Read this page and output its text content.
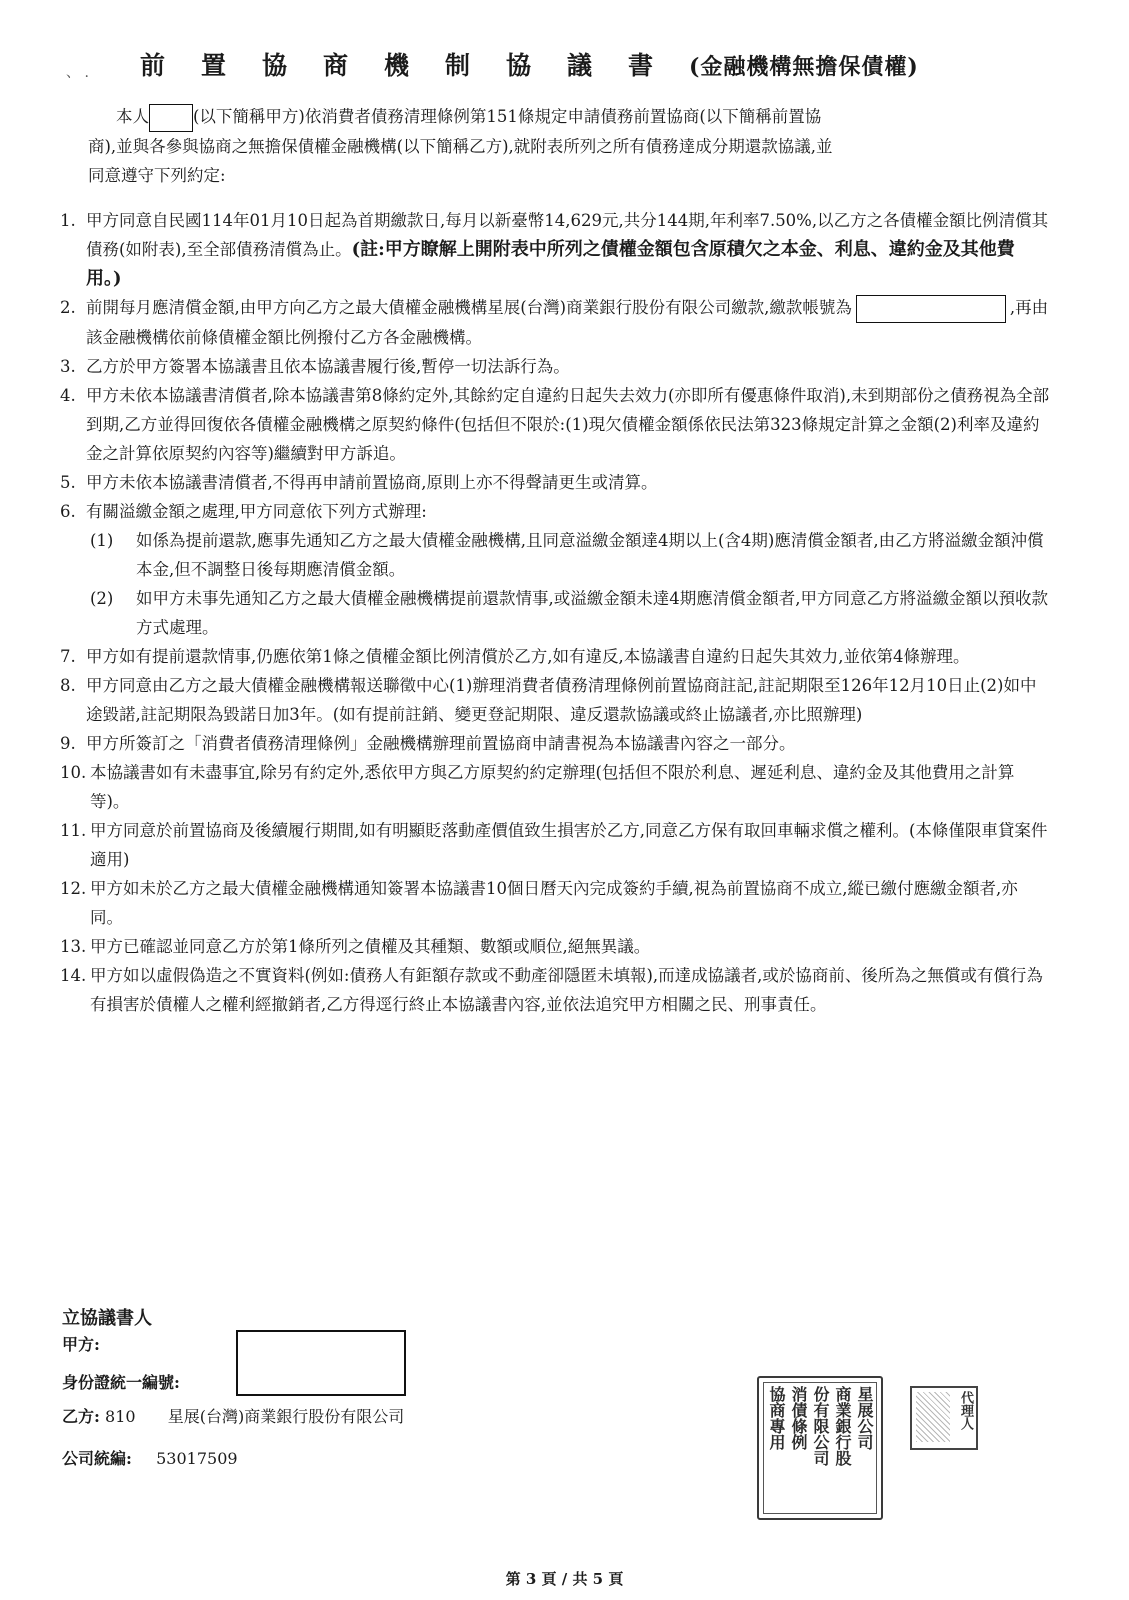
、 . 前置協商機制協議書(金融機構無擔保債權)
本人	(以下簡稱甲方)依消費者債務清理條例第151條規定申請債務前置協商(以下簡稱前置協
商),並與各參與協商之無擔保債權金融機構(以下簡稱乙方),就附表所列之所有債務達成分期還款協議,並
同意遵守下列約定:
1. 甲方同意自民國114年01月10日起為首期繳款日,每月以新臺幣14,629元,共分144期,年利率7.50%,以乙方之各債權金額比例清償其債務(如附表),至全部債務清償為止。(註:甲方瞭解上開附表中所列之債權金額包含原積欠之本金、利息、違約金及其他費用。)
2. 前開每月應清償金額,由甲方向乙方之最大債權金融機構星展(台灣)商業銀行股份有限公司繳款,繳款帳號為	,再由該金融機構依前條債權金額比例撥付乙方各金融機構。
3. 乙方於甲方簽署本協議書且依本協議書履行後,暫停一切法訴行為。
4. 甲方未依本協議書清償者,除本協議書第8條約定外,其餘約定自違約日起失去效力(亦即所有優惠條件取消),未到期部份之債務視為全部到期,乙方並得回復依各債權金融機構之原契約條件(包括但不限於:(1)現欠債權金額係依民法第323條規定計算之金額(2)利率及違約金之計算依原契約內容等)繼續對甲方訴追。
5. 甲方未依本協議書清償者,不得再申請前置協商,原則上亦不得聲請更生或清算。
6. 有關溢繳金額之處理,甲方同意依下列方式辦理:
(1) 如係為提前還款,應事先通知乙方之最大債權金融機構,且同意溢繳金額達4期以上(含4期)應清償金額者,由乙方將溢繳金額沖償本金,但不調整日後每期應清償金額。
(2) 如甲方未事先通知乙方之最大債權金融機構提前還款情事,或溢繳金額未達4期應清償金額者,甲方同意乙方將溢繳金額以預收款方式處理。
7. 甲方如有提前還款情事,仍應依第1條之債權金額比例清償於乙方,如有違反,本協議書自違約日起失其效力,並依第4條辦理。
8. 甲方同意由乙方之最大債權金融機構報送聯徵中心(1)辦理消費者債務清理條例前置協商註記,註記期限至126年12月10日止(2)如中途毀諾,註記期限為毀諾日加3年。(如有提前註銷、變更登記期限、違反還款協議或終止協議者,亦比照辦理)
9. 甲方所簽訂之「消費者債務清理條例」金融機構辦理前置協商申請書視為本協議書內容之一部分。
10. 本協議書如有未盡事宜,除另有約定外,悉依甲方與乙方原契約約定辦理(包括但不限於利息、遲延利息、違約金及其他費用之計算等)。
11. 甲方同意於前置協商及後續履行期間,如有明顯貶落動產價值致生損害於乙方,同意乙方保有取回車輛求償之權利。(本條僅限車貸案件適用)
12. 甲方如未於乙方之最大債權金融機構通知簽署本協議書10個日曆天內完成簽約手續,視為前置協商不成立,縱已繳付應繳金額者,亦同。
13. 甲方已確認並同意乙方於第1條所列之債權及其種類、數額或順位,絕無異議。
14. 甲方如以虛假偽造之不實資料(例如:債務人有鉅額存款或不動產卻隱匿未填報),而達成協議者,或於協商前、後所為之無償或有償行為有損害於債權人之權利經撤銷者,乙方得逕行終止本協議書內容,並依法追究甲方相關之民、刑事責任。
立協議書人
甲方:
身份證統一編號:
乙方: 810 星展(台灣)商業銀行股份有限公司
公司統編: 53017509
星展公司
商業銀行股
份有限公司
消債條例
協商專用	代理人
第 3 頁 / 共 5 頁
